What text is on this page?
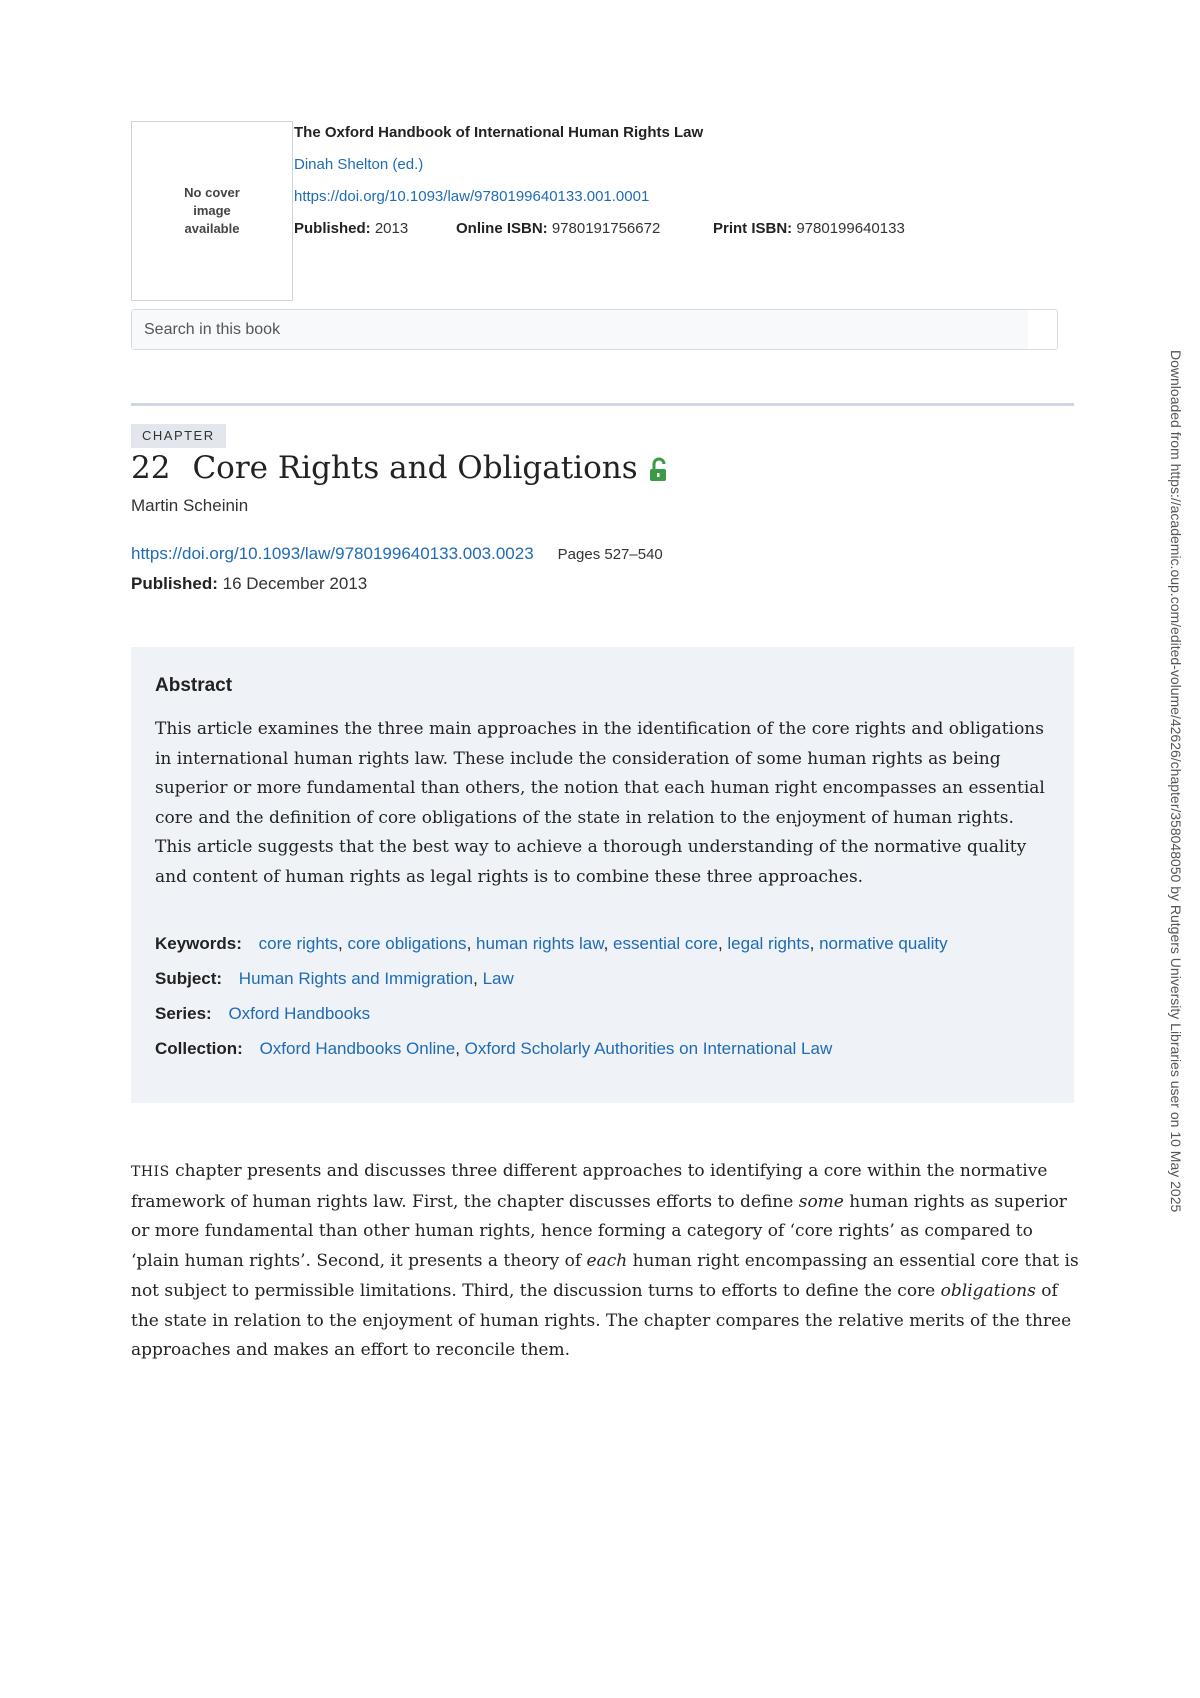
No cover image available
The Oxford Handbook of International Human Rights Law
Dinah Shelton (ed.)
https://doi.org/10.1093/law/9780199640133.001.0001
Published: 2013	Online ISBN: 9780191756672	Print ISBN: 9780199640133
Search in this book
CHAPTER
22 Core Rights and Obligations
Martin Scheinin
https://doi.org/10.1093/law/9780199640133.003.0023 Pages 527–540
Published: 16 December 2013
Abstract

This article examines the three main approaches in the identification of the core rights and obligations in international human rights law. These include the consideration of some human rights as being superior or more fundamental than others, the notion that each human right encompasses an essential core and the definition of core obligations of the state in relation to the enjoyment of human rights. This article suggests that the best way to achieve a thorough understanding of the normative quality and content of human rights as legal rights is to combine these three approaches.

Keywords: core rights, core obligations, human rights law, essential core, legal rights, normative quality
Subject: Human Rights and Immigration, Law
Series: Oxford Handbooks
Collection: Oxford Handbooks Online, Oxford Scholarly Authorities on International Law

THIS chapter presents and discusses three different approaches to identifying a core within the normative framework of human rights law. First, the chapter discusses efforts to define some human rights as superior or more fundamental than other human rights, hence forming a category of ‘core rights’ as compared to ‘plain human rights’. Second, it presents a theory of each human right encompassing an essential core that is not subject to permissible limitations. Third, the discussion turns to efforts to define the core obligations of the state in relation to the enjoyment of human rights. The chapter compares the relative merits of the three approaches and makes an effort to reconcile them.

Downloaded from https://academic.oup.com/edited-volume/42626/chapter/358048050 by Rutgers University Libraries user on 10 May 2025
